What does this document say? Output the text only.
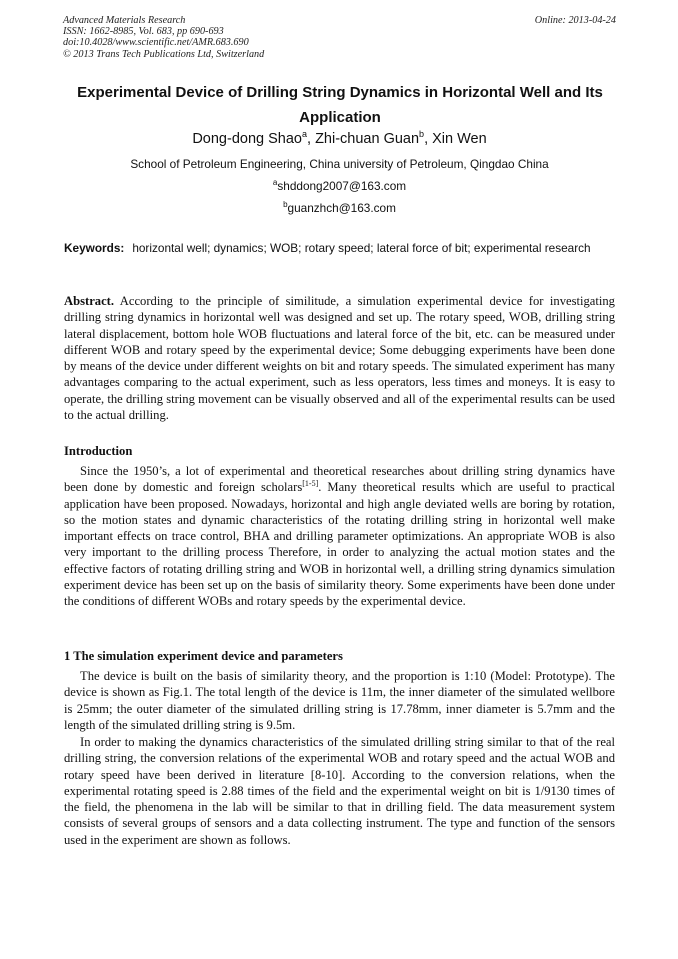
Advanced Materials Research
ISSN: 1662-8985, Vol. 683, pp 690-693
doi:10.4028/www.scientific.net/AMR.683.690
© 2013 Trans Tech Publications Ltd, Switzerland
Online: 2013-04-24
Experimental Device of Drilling String Dynamics in Horizontal Well and Its Application
Dong-dong Shao$^a$, Zhi-chuan Guan$^b$, Xin Wen
School of Petroleum Engineering, China university of Petroleum, Qingdao China
$^a$shddong2007@163.com
$^b$guanzhch@163.com
Keywords: horizontal well; dynamics; WOB; rotary speed; lateral force of bit; experimental research
Abstract. According to the principle of similitude, a simulation experimental device for investigating drilling string dynamics in horizontal well was designed and set up. The rotary speed, WOB, drilling string lateral displacement, bottom hole WOB fluctuations and lateral force of the bit, etc. can be measured under different WOB and rotary speed by the experimental device; Some debugging experiments have been done by means of the device under different weights on bit and rotary speeds. The simulated experiment has many advantages comparing to the actual experiment, such as less operators, less times and moneys. It is easy to operate, the drilling string movement can be visually observed and all of the experimental results can be used to the actual drilling.
Introduction
Since the 1950’s, a lot of experimental and theoretical researches about drilling string dynamics have been done by domestic and foreign scholars[1-5]. Many theoretical results which are useful to practical application have been proposed. Nowadays, horizontal and high angle deviated wells are boring by rotation, so the motion states and dynamic characteristics of the rotating drilling string in horizontal well make important effects on trace control, BHA and drilling parameter optimizations. An appropriate WOB is also very important to the drilling process Therefore, in order to analyzing the actual motion states and the effective factors of rotating drilling string and WOB in horizontal well, a drilling string dynamics simulation experiment device has been set up on the basis of similarity theory. Some experiments have been done under the conditions of different WOBs and rotary speeds by the experimental device.
1 The simulation experiment device and parameters
The device is built on the basis of similarity theory, and the proportion is 1:10 (Model: Prototype). The device is shown as Fig.1. The total length of the device is 11m, the inner diameter of the simulated wellbore is 25mm; the outer diameter of the simulated drilling string is 17.78mm, inner diameter is 5.7mm and the length of the simulated drilling string is 9.5m.
In order to making the dynamics characteristics of the simulated drilling string similar to that of the real drilling string, the conversion relations of the experimental WOB and rotary speed and the actual WOB and rotary speed have been derived in literature [8-10]. According to the conversion relations, when the experimental rotating speed is 2.88 times of the field and the experimental weight on bit is 1/9130 times of the field, the phenomena in the lab will be similar to that in drilling field. The data measurement system consists of several groups of sensors and a data collecting instrument. The type and function of the sensors used in the experiment are shown as follows.
